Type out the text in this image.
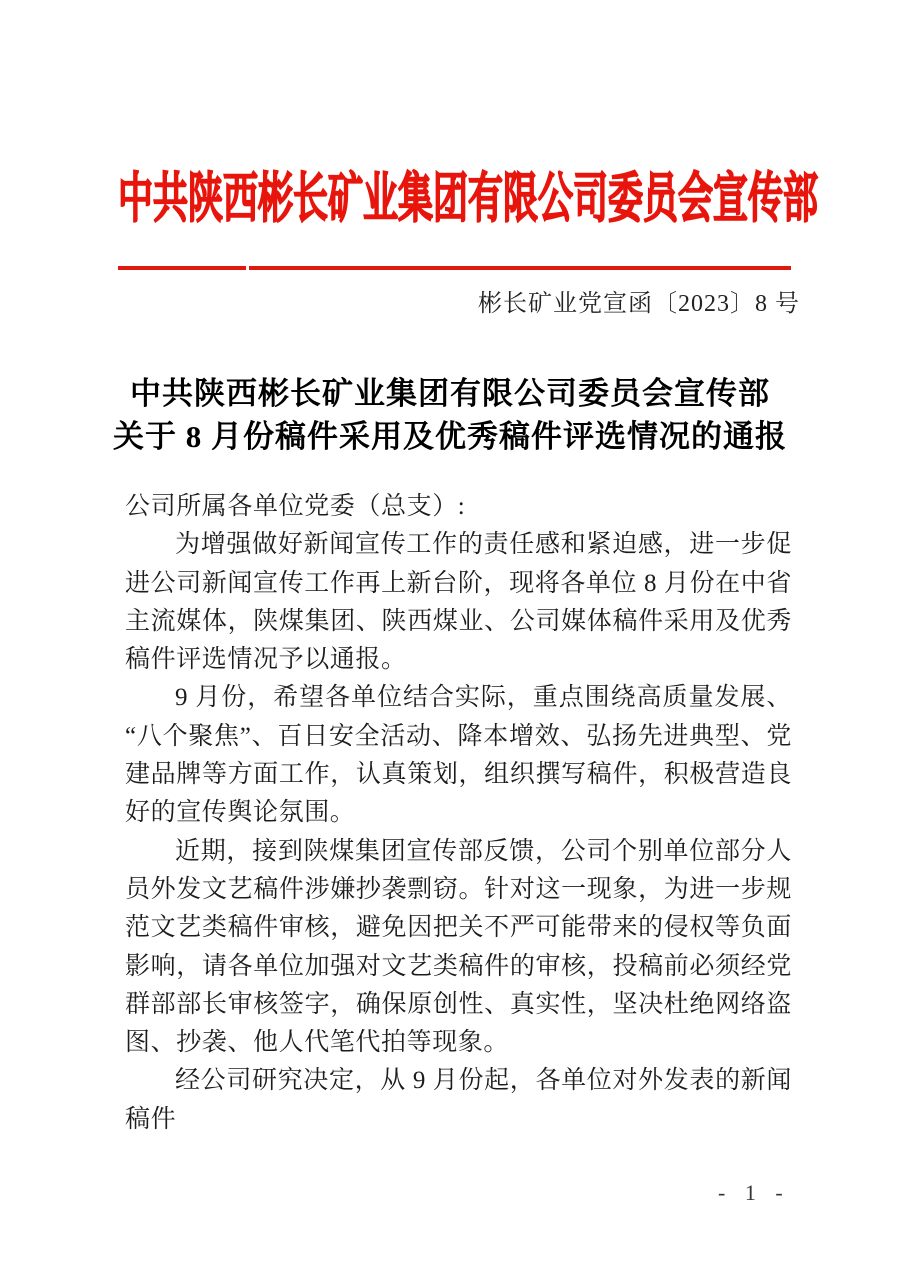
中共陕西彬长矿业集团有限公司委员会宣传部
彬长矿业党宣函〔2023〕8 号
中共陕西彬长矿业集团有限公司委员会宣传部
关于 8 月份稿件采用及优秀稿件评选情况的通报

公司所属各单位党委（总支）:

为增强做好新闻宣传工作的责任感和紧迫感，进一步促进公司新闻宣传工作再上新台阶，现将各单位 8 月份在中省主流媒体，陕煤集团、陕西煤业、公司媒体稿件采用及优秀稿件评选情况予以通报。

9 月份，希望各单位结合实际，重点围绕高质量发展、“八个聚焦”、百日安全活动、降本增效、弘扬先进典型、党建品牌等方面工作，认真策划，组织撰写稿件，积极营造良好的宣传舆论氛围。

近期，接到陕煤集团宣传部反馈，公司个别单位部分人员外发文艺稿件涉嫌抄袭剽窃。针对这一现象，为进一步规范文艺类稿件审核，避免因把关不严可能带来的侵权等负面影响，请各单位加强对文艺类稿件的审核，投稿前必须经党群部部长审核签字，确保原创性、真实性，坚决杜绝网络盗图、抄袭、他人代笔代拍等现象。

经公司研究决定，从 9 月份起，各单位对外发表的新闻稿件

- 1 -
